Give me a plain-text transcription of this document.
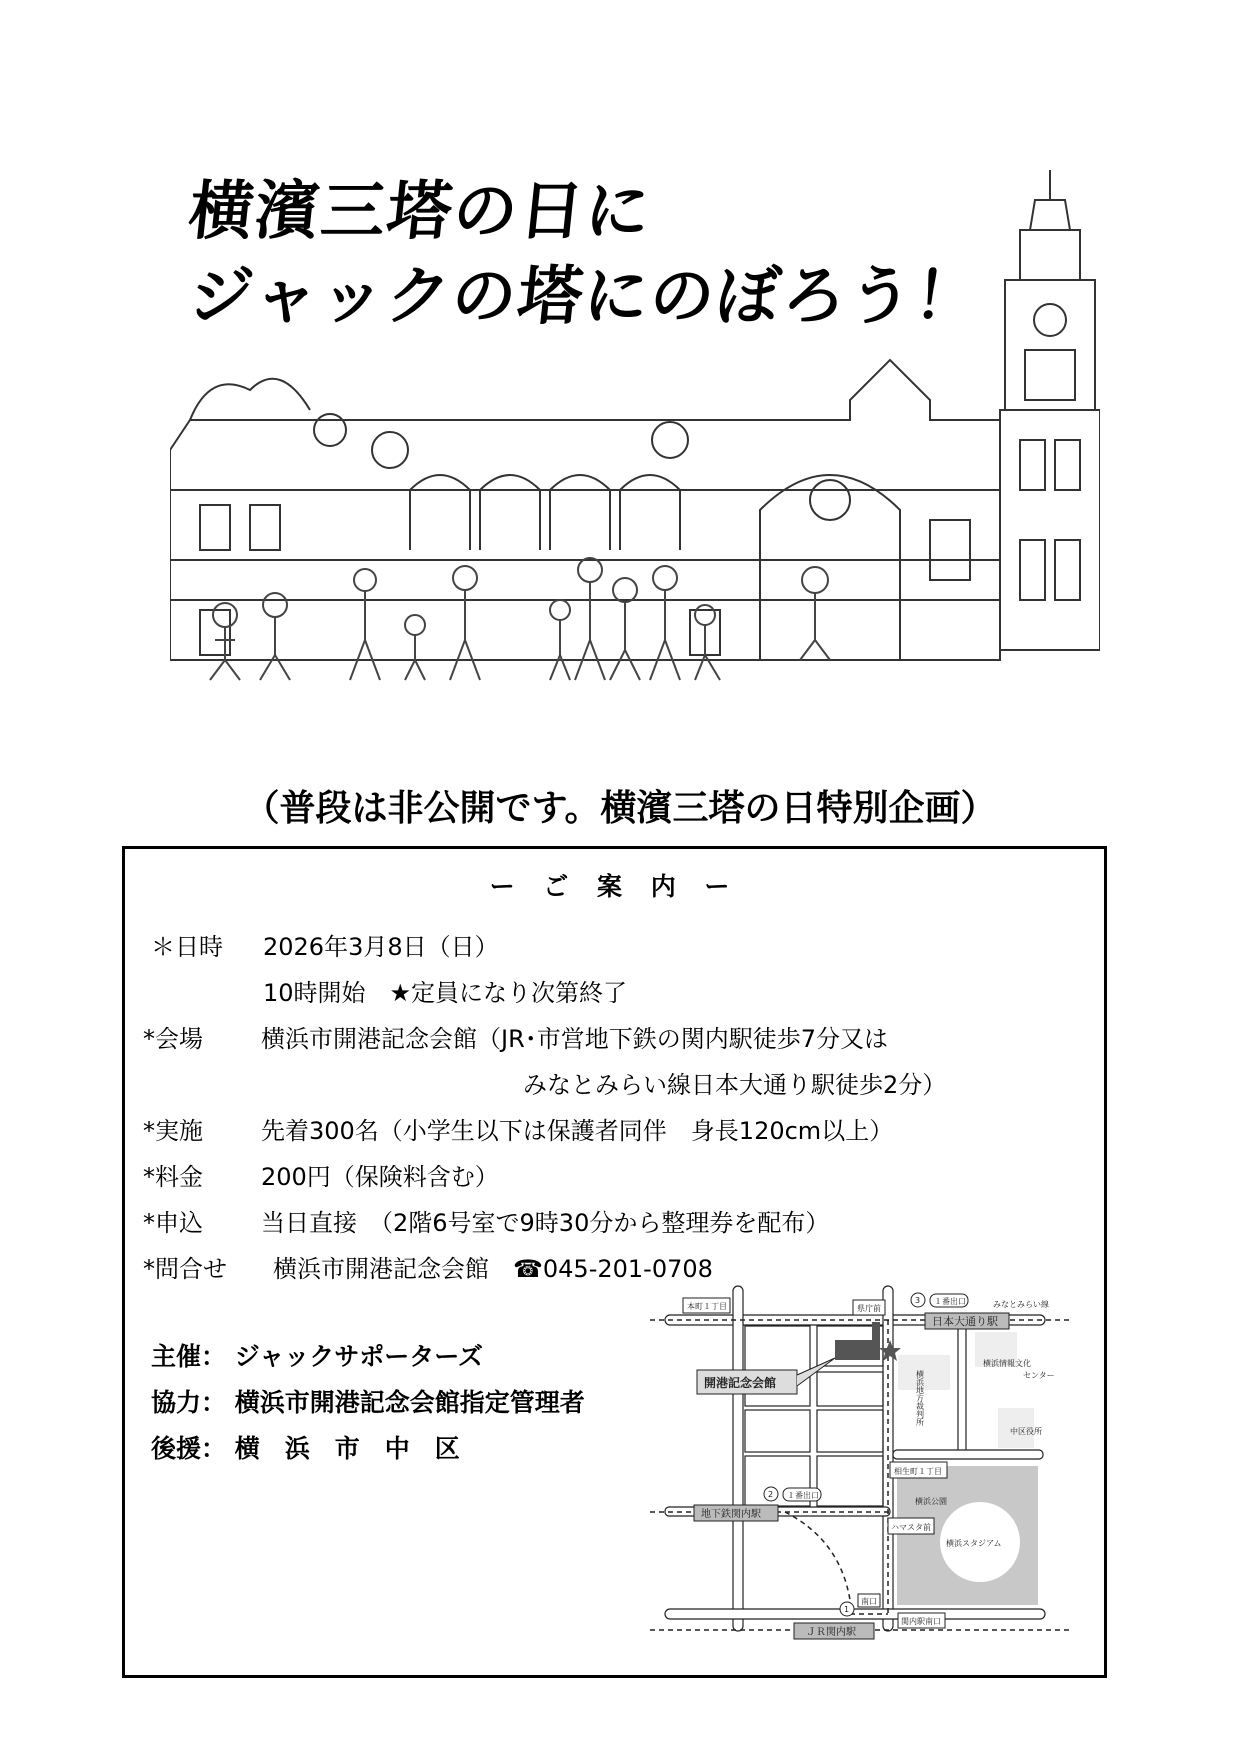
横濱三塔の日に
ジャックの塔にのぼろう！
（普段は非公開です。横濱三塔の日特別企画）
ー ご 案 内 ー
＊日時 2026年3月8日（日）
10時開始　★定員になり次第終了
*会場 横浜市開港記念会館（JR･市営地下鉄の関内駅徒歩7分又は
みなとみらい線日本大通り駅徒歩2分）
*実施 先着300名（小学生以下は保護者同伴　身長120cm以上）
*料金 200円（保険料含む）
*申込 当日直接　（2階6号室で9時30分から整理券を配布）
*問合せ 横浜市開港記念会館　☎045-201-0708
主催： ジャックサポーターズ
協力： 横浜市開港記念会館指定管理者
後援： 横　浜　市　中　区
本町１丁目	県庁前
3 １番出口	みなとみらい線
日本大通り駅
横浜情報文化
センター
横浜地方裁判所
中区役所
開港記念会館
相生町１丁目
2 １番出口
地下鉄関内駅
横浜公園
ハマスタ前
横浜スタジアム
南口
1
関内駅南口
ＪＲ関内駅
